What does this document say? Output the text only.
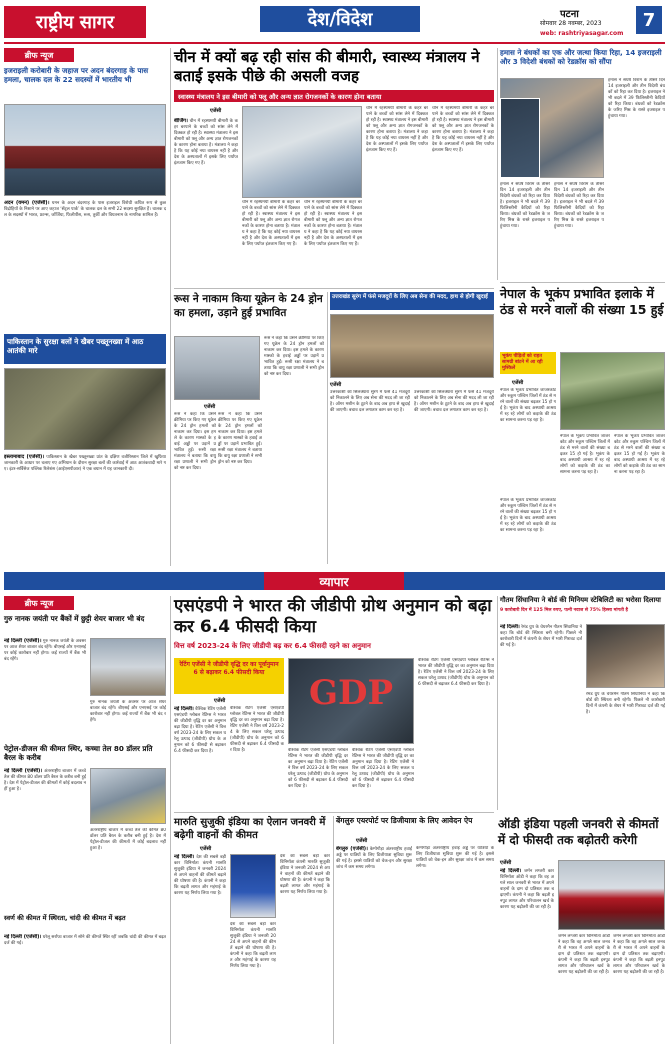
राष्ट्रीय सागर	देश/विदेश	पटना
सोमवार 28 नवम्बर, 2023
web: rashtriyasagar.com
7
ब्रीफ न्यूज
इजराइली करोबारी के जहाज पर अदन बंदरगाह के पास हमला, चालक दल के 22 सदस्यों में भारतीय भी
अदन (यमन) (एजेंसी)। यमन के अदन बंदरगाह के पास इजराइल विरोधी कथित रूप से कुछ विद्रोहियों के निशाने पर आए जहाज ‘सेंट्रल पार्क’ के चालक दल के सभी 22 सदस्य सुरक्षित हैं। चालक दल के सदस्यों में भारत, फ्रान्स, जॉर्जिया, फिलीपींस, रूस, तुर्की और वियतनाम के नागरिक शामिल हैं।
पाकिस्तान के सुरक्षा बलों ने खैबर पख्तूनख्वा में आठ आतंकी मारे
इस्लामाबाद (एजेंसी)। पाकिस्तान के खैबर पख्तूनख्वा प्रांत के दक्षिण वजीरिस्तान जिले में खुफिया जानकारी के आधार पर चलाए गए अभियान के दौरान सुरक्षा बलों की कार्रवाई में आठ आतंकवादी मारे गए। इंटर-सर्विसेज पब्लिक रिलेशंस (आईएसपीआर) ने एक बयान में यह जानकारी दी।
चीन में क्यों बढ़ रही सांस की बीमारी, स्वास्थ्य मंत्रालय ने बताई इसके पीछे की असली वजह
स्वास्थ्य मंत्रालय ने इस बीमारी को फ्लू और अन्य ज्ञात रोगजनकों के कारण होना बताया
एजेंसी
बीजिंग। चीन में रहस्यमयी बीमारी के कहर बरपाने के बच्चों को सांस लेने में दिक्कत हो रही है। स्वास्थ्य मंत्रालय ने इस बीमारी को फ्लू और अन्य ज्ञात रोगजनकों के कारण होना बताया है। मंत्रालय ने कहा है कि यह कोई नया वायरस नहीं है और देश के अस्पतालों में इसके लिए पर्याप्त इंतजाम किए गए हैं।
चीन में रहस्यमयी बीमारी के कहर बरपाने के बच्चों को सांस लेने में दिक्कत हो रही है। स्वास्थ्य मंत्रालय ने इस बीमारी को फ्लू और अन्य ज्ञात रोगजनकों के कारण होना बताया है। मंत्रालय ने कहा है कि यह कोई नया वायरस नहीं है और देश के अस्पतालों में इसके लिए पर्याप्त इंतजाम किए गए हैं।
चीन में रहस्यमयी बीमारी के कहर बरपाने के बच्चों को सांस लेने में दिक्कत हो रही है। स्वास्थ्य मंत्रालय ने इस बीमारी को फ्लू और अन्य ज्ञात रोगजनकों के कारण होना बताया है। मंत्रालय ने कहा है कि यह कोई नया वायरस नहीं है और देश के अस्पतालों में इसके लिए पर्याप्त इंतजाम किए गए हैं।
चीन में रहस्यमयी बीमारी के कहर बरपाने के बच्चों को सांस लेने में दिक्कत हो रही है। स्वास्थ्य मंत्रालय ने इस बीमारी को फ्लू और अन्य ज्ञात रोगजनकों के कारण होना बताया है। मंत्रालय ने कहा है कि यह कोई नया वायरस नहीं है और देश के अस्पतालों में इसके लिए पर्याप्त इंतजाम किए गए हैं।
चीन में रहस्यमयी बीमारी के कहर बरपाने के बच्चों को सांस लेने में दिक्कत हो रही है। स्वास्थ्य मंत्रालय ने इस बीमारी को फ्लू और अन्य ज्ञात रोगजनकों के कारण होना बताया है। मंत्रालय ने कहा है कि यह कोई नया वायरस नहीं है और देश के अस्पतालों में इसके लिए पर्याप्त इंतजाम किए गए हैं।
रूस ने नाकाम किया यूक्रेन के 24 ड्रोन का हमला, उड़ाने हुई प्रभावित
एजेंसी
रूस ने कहा कि उसने क्रीमिया पर किए गए यूक्रेन के 24 ड्रोन हमलों को नाकाम कर दिया। इस हमले के कारण मास्को के हवाई अड्डों पर उड़ानें प्रभावित हुईं। रूसी रक्षा मंत्रालय ने बताया कि वायु रक्षा प्रणाली ने सभी ड्रोन को नष्ट कर दिया।
रूस ने कहा कि उसने क्रीमिया पर किए गए यूक्रेन के 24 ड्रोन हमलों को नाकाम कर दिया। इस हमले के कारण मास्को के हवाई अड्डों पर उड़ानें प्रभावित हुईं। रूसी रक्षा मंत्रालय ने बताया कि वायु रक्षा प्रणाली ने सभी ड्रोन को नष्ट कर दिया।
रूस ने कहा कि उसने क्रीमिया पर किए गए यूक्रेन के 24 ड्रोन हमलों को नाकाम कर दिया। इस हमले के कारण मास्को के हवाई अड्डों पर उड़ानें प्रभावित हुईं। रूसी रक्षा मंत्रालय ने बताया कि वायु रक्षा प्रणाली ने सभी ड्रोन को नष्ट कर दिया।
उत्तराखंड सुरंग में फंसे मजदूरों के लिए अब सेना की मदद, हाथ से होगी खुदाई
एजेंसी
उत्तरकाशी की सिलक्यारा सुरंग में फंसे 41 मजदूरों को निकालने के लिए अब सेना की मदद ली जा रही है। ऑगर मशीन के टूटने के बाद अब हाथ से खुदाई की जाएगी। बचाव दल लगातार काम कर रहा है।
उत्तरकाशी की सिलक्यारा सुरंग में फंसे 41 मजदूरों को निकालने के लिए अब सेना की मदद ली जा रही है। ऑगर मशीन के टूटने के बाद अब हाथ से खुदाई की जाएगी। बचाव दल लगातार काम कर रहा है।
हमास ने बंधकों का एक और जत्था किया रिहा, 14 इजराइली और 3 विदेशी बंधकों को रेडक्रॉस को सौंपा
हमास ने संघर्ष विराम के तीसरे दिन 14 इजराइली और तीन विदेशी बंधकों को रिहा कर दिया है। इजराइल ने भी बदले में 39 फिलिस्तीनी कैदियों को रिहा किया। बंधकों को रेडक्रॉस के जरिए मिस्र के रास्ते इजराइल पहुंचाया गया।
हमास ने संघर्ष विराम के तीसरे दिन 14 इजराइली और तीन विदेशी बंधकों को रिहा कर दिया है। इजराइल ने भी बदले में 39 फिलिस्तीनी कैदियों को रिहा किया। बंधकों को रेडक्रॉस के जरिए मिस्र के रास्ते इजराइल पहुंचाया गया।
हमास ने संघर्ष विराम के तीसरे दिन 14 इजराइली और तीन विदेशी बंधकों को रिहा कर दिया है। इजराइल ने भी बदले में 39 फिलिस्तीनी कैदियों को रिहा किया। बंधकों को रेडक्रॉस के जरिए मिस्र के रास्ते इजराइल पहुंचाया गया।
नेपाल के भूकंप प्रभावित इलाके में ठंड से मरने वालों की संख्या 15 हुई
भूकंप पीड़ितों को राहत सामग्री बांटने में आ रही मुश्किलें
एजेंसी
नेपाल के भूकंप प्रभावित जाजरकोट और रुकुम पश्चिम जिलों में ठंड से मरने वालों की संख्या बढ़कर 15 हो गई है। भूकंप के बाद अस्थायी आश्रय में रह रहे लोगों को कड़ाके की ठंड का सामना करना पड़ रहा है।
नेपाल के भूकंप प्रभावित जाजरकोट और रुकुम पश्चिम जिलों में ठंड से मरने वालों की संख्या बढ़कर 15 हो गई है। भूकंप के बाद अस्थायी आश्रय में रह रहे लोगों को कड़ाके की ठंड का सामना करना पड़ रहा है।
नेपाल के भूकंप प्रभावित जाजरकोट और रुकुम पश्चिम जिलों में ठंड से मरने वालों की संख्या बढ़कर 15 हो गई है। भूकंप के बाद अस्थायी आश्रय में रह रहे लोगों को कड़ाके की ठंड का सामना करना पड़ रहा है।
नेपाल के भूकंप प्रभावित जाजरकोट और रुकुम पश्चिम जिलों में ठंड से मरने वालों की संख्या बढ़कर 15 हो गई है। भूकंप के बाद अस्थायी आश्रय में रह रहे लोगों को कड़ाके की ठंड का सामना करना पड़ रहा है।
व्यापार
ब्रीफ न्यूज
गुरु नानक जयंती पर बैंकों में छुट्टी शेयर बाजार भी बंद
नई दिल्ली (एजेंसी)। गुरु नानक जयंती के अवसर पर आज शेयर बाजार बंद रहेंगे। बीएसई और एनएसई पर कोई कारोबार नहीं होगा। कई राज्यों में बैंक भी बंद रहेंगे।
गुरु नानक जयंती के अवसर पर आज शेयर बाजार बंद रहेंगे। बीएसई और एनएसई पर कोई कारोबार नहीं होगा। कई राज्यों में बैंक भी बंद रहेंगे।
पेट्रोल-डीजल की कीमत स्थिर, कच्चा तेल 80 डॉलर प्रति बैरल के करीब
नई दिल्ली (एजेंसी)। अंतरराष्ट्रीय बाजार में कच्चे तेल की कीमत 80 डॉलर प्रति बैरल के करीब बनी हुई है। देश में पेट्रोल-डीजल की कीमतों में कोई बदलाव नहीं हुआ है।
अंतरराष्ट्रीय बाजार में कच्चे तेल की कीमत 80 डॉलर प्रति बैरल के करीब बनी हुई है। देश में पेट्रोल-डीजल की कीमतों में कोई बदलाव नहीं हुआ है।
स्वर्ण की कीमत में स्थिरता, चांदी की कीमत में बढ़त
नई दिल्ली (एजेंसी)। घरेलू सर्राफा बाजार में सोने की कीमतें स्थिर रहीं जबकि चांदी की कीमत में बढ़त दर्ज की गई।
एसएंडपी ने भारत की जीडीपी ग्रोथ अनुमान को बढ़ा कर 6.4 फीसदी किया
वित्त वर्ष 2023-24 के लिए जीडीपी बढ़ कर 6.4 फीसदी रहने का अनुमान
रेटिंग एजेंसी ने जीडीपी वृद्धि दर का पूर्वानुमान 6 से बढ़ाकर 6.4 फीसदी किया
एजेंसी
नई दिल्ली। वैश्विक रेटिंग एजेंसी एसएंडपी ग्लोबल रेटिंग्स ने भारत की जीडीपी वृद्धि दर का अनुमान बढ़ा दिया है। रेटिंग एजेंसी ने वित्त वर्ष 2023-24 के लिए सकल घरेलू उत्पाद (जीडीपी) ग्रोथ के अनुमान को 6 फीसदी से बढ़ाकर 6.4 फीसदी कर दिया है।
वैश्विक रेटिंग एजेंसी एसएंडपी ग्लोबल रेटिंग्स ने भारत की जीडीपी वृद्धि दर का अनुमान बढ़ा दिया है। रेटिंग एजेंसी ने वित्त वर्ष 2023-24 के लिए सकल घरेलू उत्पाद (जीडीपी) ग्रोथ के अनुमान को 6 फीसदी से बढ़ाकर 6.4 फीसदी कर दिया है।
GDP
वैश्विक रेटिंग एजेंसी एसएंडपी ग्लोबल रेटिंग्स ने भारत की जीडीपी वृद्धि दर का अनुमान बढ़ा दिया है। रेटिंग एजेंसी ने वित्त वर्ष 2023-24 के लिए सकल घरेलू उत्पाद (जीडीपी) ग्रोथ के अनुमान को 6 फीसदी से बढ़ाकर 6.4 फीसदी कर दिया है।
वैश्विक रेटिंग एजेंसी एसएंडपी ग्लोबल रेटिंग्स ने भारत की जीडीपी वृद्धि दर का अनुमान बढ़ा दिया है। रेटिंग एजेंसी ने वित्त वर्ष 2023-24 के लिए सकल घरेलू उत्पाद (जीडीपी) ग्रोथ के अनुमान को 6 फीसदी से बढ़ाकर 6.4 फीसदी कर दिया है।
वैश्विक रेटिंग एजेंसी एसएंडपी ग्लोबल रेटिंग्स ने भारत की जीडीपी वृद्धि दर का अनुमान बढ़ा दिया है। रेटिंग एजेंसी ने वित्त वर्ष 2023-24 के लिए सकल घरेलू उत्पाद (जीडीपी) ग्रोथ के अनुमान को 6 फीसदी से बढ़ाकर 6.4 फीसदी कर दिया है।
गौतम सिंघानिया ने बोर्ड की मिनियम स्टेबिलिटी का भरोसा दिलाया
9 कारोबारी दिन में 125 मिल रुपए, पत्नी नवाज से 75% हिस्सा मांगती है
नई दिल्ली। रेमंड ग्रुप के चेयरमैन गौतम सिंघानिया ने कहा कि बोर्ड की स्थिरता बनी रहेगी। पिछले नौ कारोबारी दिनों में कंपनी के शेयर में भारी गिरावट दर्ज की गई है।
रेमंड ग्रुप के चेयरमैन गौतम सिंघानिया ने कहा कि बोर्ड की स्थिरता बनी रहेगी। पिछले नौ कारोबारी दिनों में कंपनी के शेयर में भारी गिरावट दर्ज की गई है।
मारुति सुजुकी इंडिया का ऐलान जनवरी में बढ़ेगी वाहनों की कीमत
एजेंसी
नई दिल्ली। देश की सबसे बड़ी कार विनिर्माता कंपनी मारुति सुजुकी इंडिया ने जनवरी 2024 से अपने वाहनों की कीमतें बढ़ाने की घोषणा की है। कंपनी ने कहा कि बढ़ती लागत और महंगाई के कारण यह निर्णय लिया गया है।
देश की सबसे बड़ी कार विनिर्माता कंपनी मारुति सुजुकी इंडिया ने जनवरी 2024 से अपने वाहनों की कीमतें बढ़ाने की घोषणा की है। कंपनी ने कहा कि बढ़ती लागत और महंगाई के कारण यह निर्णय लिया गया है।
देश की सबसे बड़ी कार विनिर्माता कंपनी मारुति सुजुकी इंडिया ने जनवरी 2024 से अपने वाहनों की कीमतें बढ़ाने की घोषणा की है। कंपनी ने कहा कि बढ़ती लागत और महंगाई के कारण यह निर्णय लिया गया है।
बेंगलुरु एयरपोर्ट पर डिजीयात्रा के लिए आवेदन ऐप
एजेंसी
बेंगलुरु (एजेंसी)। केम्पेगौड़ा अंतरराष्ट्रीय हवाई अड्डे पर यात्रियों के लिए डिजीयात्रा सुविधा शुरू की गई है। इससे यात्रियों को चेक-इन और सुरक्षा जांच में कम समय लगेगा।
केम्पेगौड़ा अंतरराष्ट्रीय हवाई अड्डे पर यात्रियों के लिए डिजीयात्रा सुविधा शुरू की गई है। इससे यात्रियों को चेक-इन और सुरक्षा जांच में कम समय लगेगा।
ऑडी इंडिया पहली जनवरी से कीमतों में दो फीसदी तक बढ़ोतरी करेगी
एजेंसी
नई दिल्ली। जर्मन लग्जरी कार विनिर्माता ऑडी ने कहा कि वह अगले साल जनवरी से भारत में अपने वाहनों के दाम दो प्रतिशत तक बढ़ाएगी। कंपनी ने कहा कि बढ़ती इनपुट लागत और परिचालन खर्च के कारण यह बढ़ोतरी की जा रही है।
जर्मन लग्जरी कार विनिर्माता ऑडी ने कहा कि वह अगले साल जनवरी से भारत में अपने वाहनों के दाम दो प्रतिशत तक बढ़ाएगी। कंपनी ने कहा कि बढ़ती इनपुट लागत और परिचालन खर्च के कारण यह बढ़ोतरी की जा रही है।
जर्मन लग्जरी कार विनिर्माता ऑडी ने कहा कि वह अगले साल जनवरी से भारत में अपने वाहनों के दाम दो प्रतिशत तक बढ़ाएगी। कंपनी ने कहा कि बढ़ती इनपुट लागत और परिचालन खर्च के कारण यह बढ़ोतरी की जा रही है।
